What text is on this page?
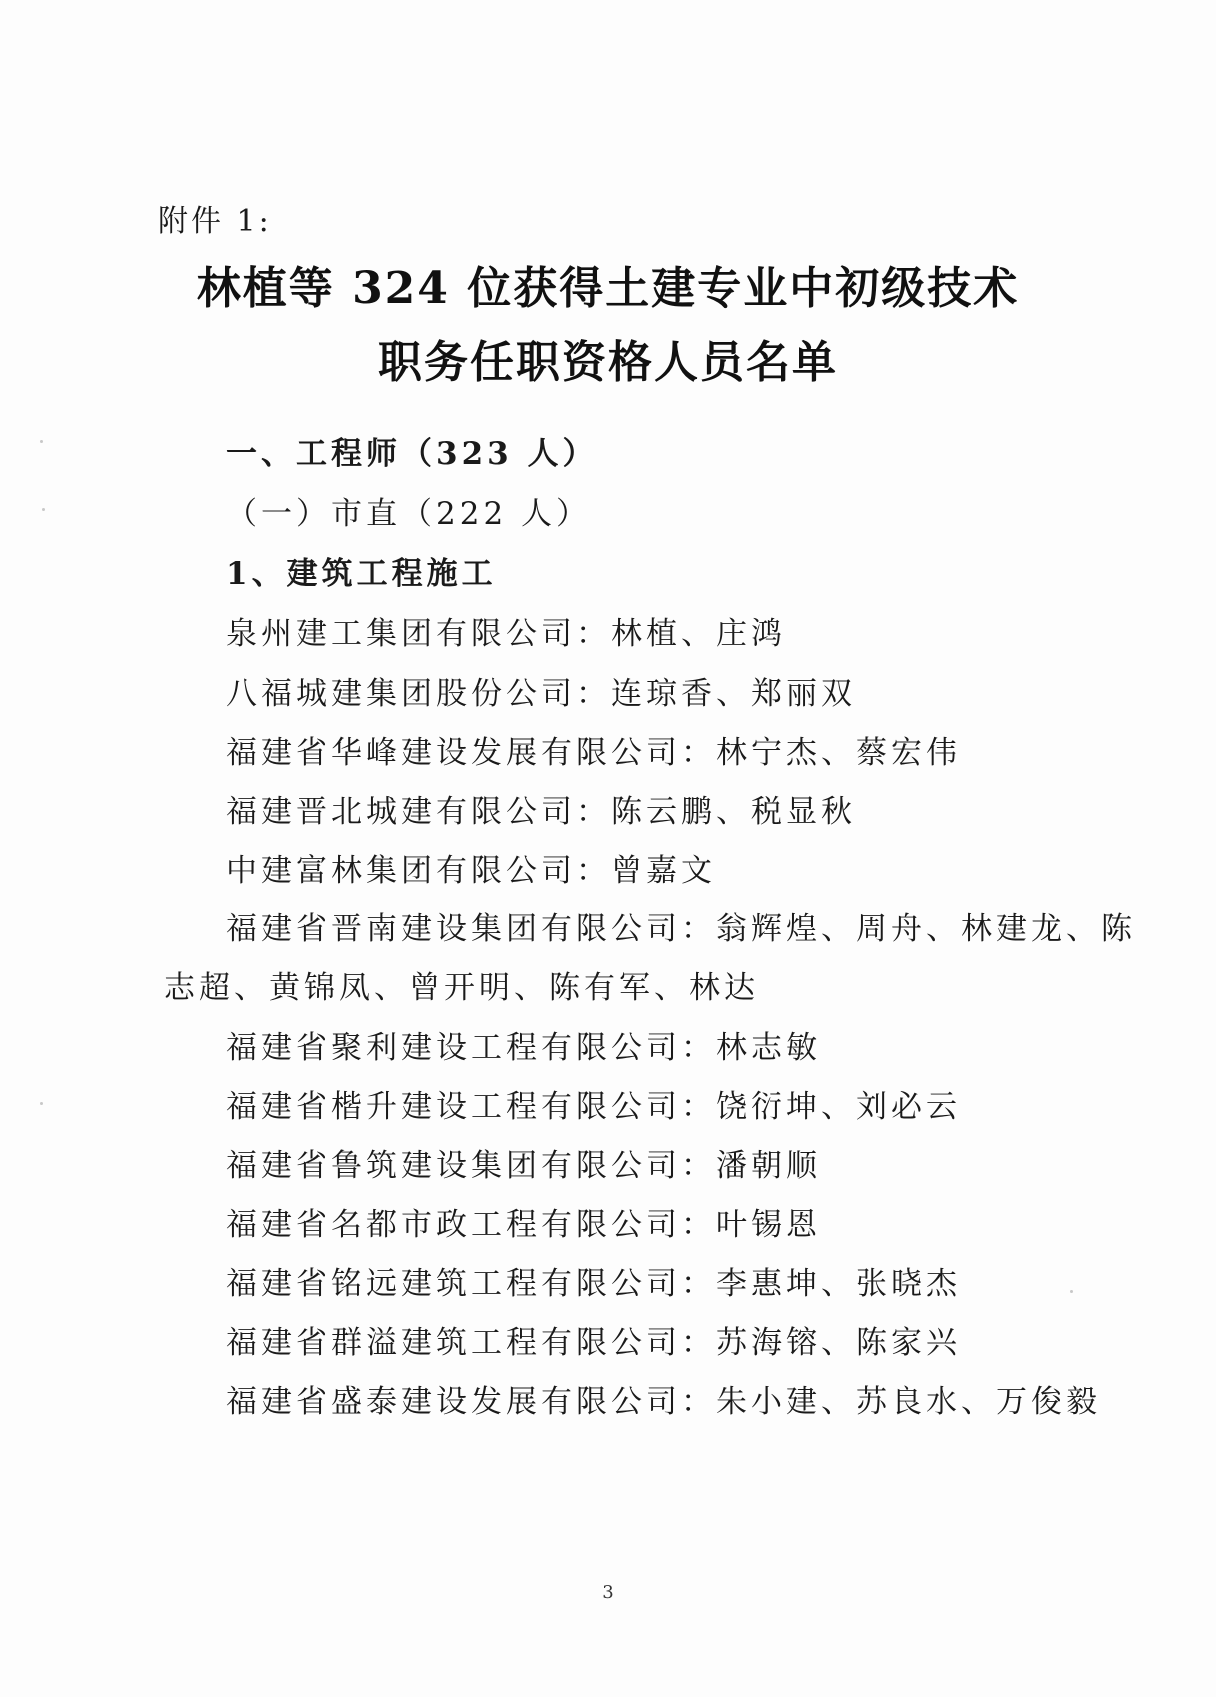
附件 1:
林植等 324 位获得土建专业中初级技术
职务任职资格人员名单
一、工程师（323 人）
（一）市直（222 人）
1、建筑工程施工
泉州建工集团有限公司：林植、庄鸿
八福城建集团股份公司：连琼香、郑丽双
福建省华峰建设发展有限公司：林宁杰、蔡宏伟
福建晋北城建有限公司：陈云鹏、税显秋
中建富林集团有限公司：曾嘉文
福建省晋南建设集团有限公司：翁辉煌、周舟、林建龙、陈
志超、黄锦凤、曾开明、陈有军、林达
福建省聚利建设工程有限公司：林志敏
福建省楷升建设工程有限公司：饶衍坤、刘必云
福建省鲁筑建设集团有限公司：潘朝顺
福建省名都市政工程有限公司：叶锡恩
福建省铭远建筑工程有限公司：李惠坤、张晓杰
福建省群溢建筑工程有限公司：苏海镕、陈家兴
福建省盛泰建设发展有限公司：朱小建、苏良水、万俊毅
3
